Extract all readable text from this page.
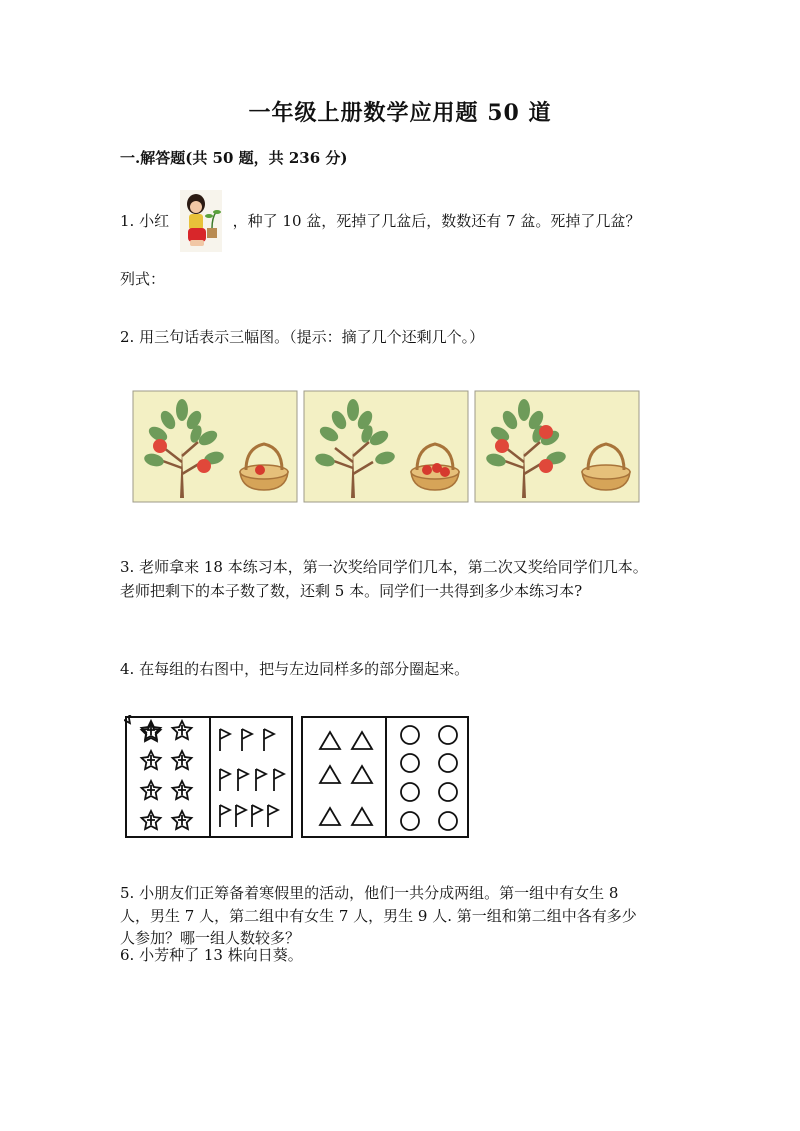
一年级上册数学应用题 50 道
一.解答题(共 50 题，共 236 分)
1. 小红	，种了 10 盆，死掉了几盆后，数数还有 7 盆。死掉了几盆？
列式：
2. 用三句话表示三幅图。（提示：摘了几个还剩几个。）
3. 老师拿来 18 本练习本，第一次奖给同学们几本，第二次又奖给同学们几本。
老师把剩下的本子数了数，还剩 5 本。同学们一共得到多少本练习本?
4. 在每组的右图中，把与左边同样多的部分圈起来。
5. 小朋友们正筹备着寒假里的活动，他们一共分成两组。第一组中有女生 8
人，男生 7 人，第二组中有女生 7 人，男生 9 人. 第一组和第二组中各有多少
人参加？哪一组人数较多？
6. 小芳种了 13 株向日葵。
